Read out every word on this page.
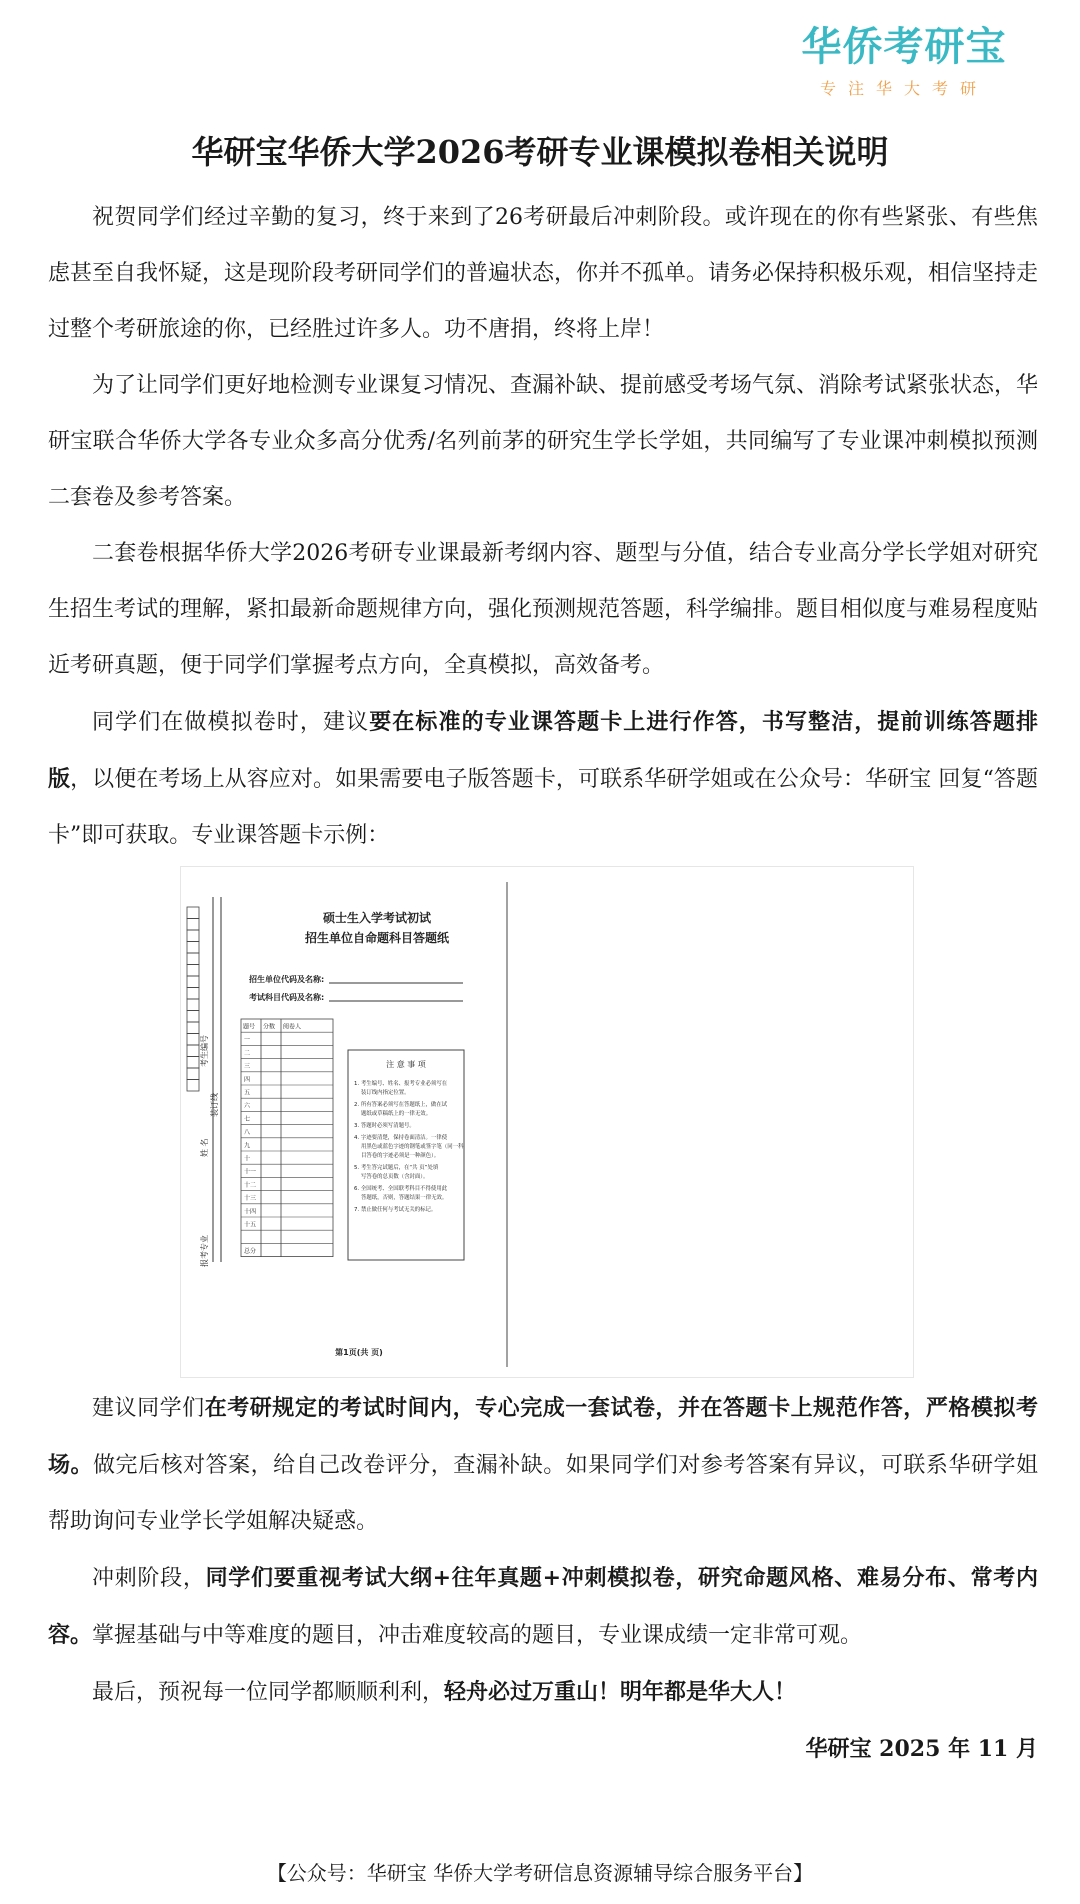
华侨考研宝
专注华大考研
华研宝华侨大学2026考研专业课模拟卷相关说明

祝贺同学们经过辛勤的复习，终于来到了26考研最后冲刺阶段。或许现在的你有些紧张、有些焦虑甚至自我怀疑，这是现阶段考研同学们的普遍状态，你并不孤单。请务必保持积极乐观，相信坚持走过整个考研旅途的你，已经胜过许多人。功不唐捐，终将上岸！

为了让同学们更好地检测专业课复习情况、查漏补缺、提前感受考场气氛、消除考试紧张状态，华研宝联合华侨大学各专业众多高分优秀/名列前茅的研究生学长学姐，共同编写了专业课冲刺模拟预测二套卷及参考答案。

二套卷根据华侨大学2026考研专业课最新考纲内容、题型与分值，结合专业高分学长学姐对研究生招生考试的理解，紧扣最新命题规律方向，强化预测规范答题，科学编排。题目相似度与难易程度贴近考研真题，便于同学们掌握考点方向，全真模拟，高效备考。

同学们在做模拟卷时，建议要在标准的专业课答题卡上进行作答，书写整洁，提前训练答题排版，以便在考场上从容应对。如果需要电子版答题卡，可联系华研学姐或在公众号：华研宝 回复“答题卡”即可获取。专业课答题卡示例：

报考专业
姓 名
考生编号
装订线
硕士生入学考试初试
招生单位自命题科目答题纸
招生单位代码及名称:
考试科目代码及名称:
题号 分数 阅卷人
一
二
三
四
五
六
七
八
九
十
十一
十二
十三
十四
十五
总分
注 意 事 项
1. 考生编号、姓名、报考专业必须写在
装订线内指定位置。
2. 所有答案必须写在答题纸上，做在试
题纸或草稿纸上的一律无效。
3. 答题时必须写清题号。
4. 字迹要清楚，保持卷面清洁。一律使
用黑色或蓝色字迹的钢笔或签字笔（同一科
目答卷的字迹必须是一种颜色）。
5. 考生答完试题后，在“共 页”处填
写答卷的总页数（含封面）。
6. 全国统考、全国联考科目不得使用此
答题纸，否则，答题结果一律无效。
7. 禁止做任何与考试无关的标记。
第1页(共 页)

建议同学们在考研规定的考试时间内，专心完成一套试卷，并在答题卡上规范作答，严格模拟考场。做完后核对答案，给自己改卷评分，查漏补缺。如果同学们对参考答案有异议，可联系华研学姐帮助询问专业学长学姐解决疑惑。

冲刺阶段，同学们要重视考试大纲+往年真题+冲刺模拟卷，研究命题风格、难易分布、常考内容。掌握基础与中等难度的题目，冲击难度较高的题目，专业课成绩一定非常可观。

最后，预祝每一位同学都顺顺利利，轻舟必过万重山！明年都是华大人！

华研宝 2025 年 11 月

【公众号：华研宝 华侨大学考研信息资源辅导综合服务平台】
